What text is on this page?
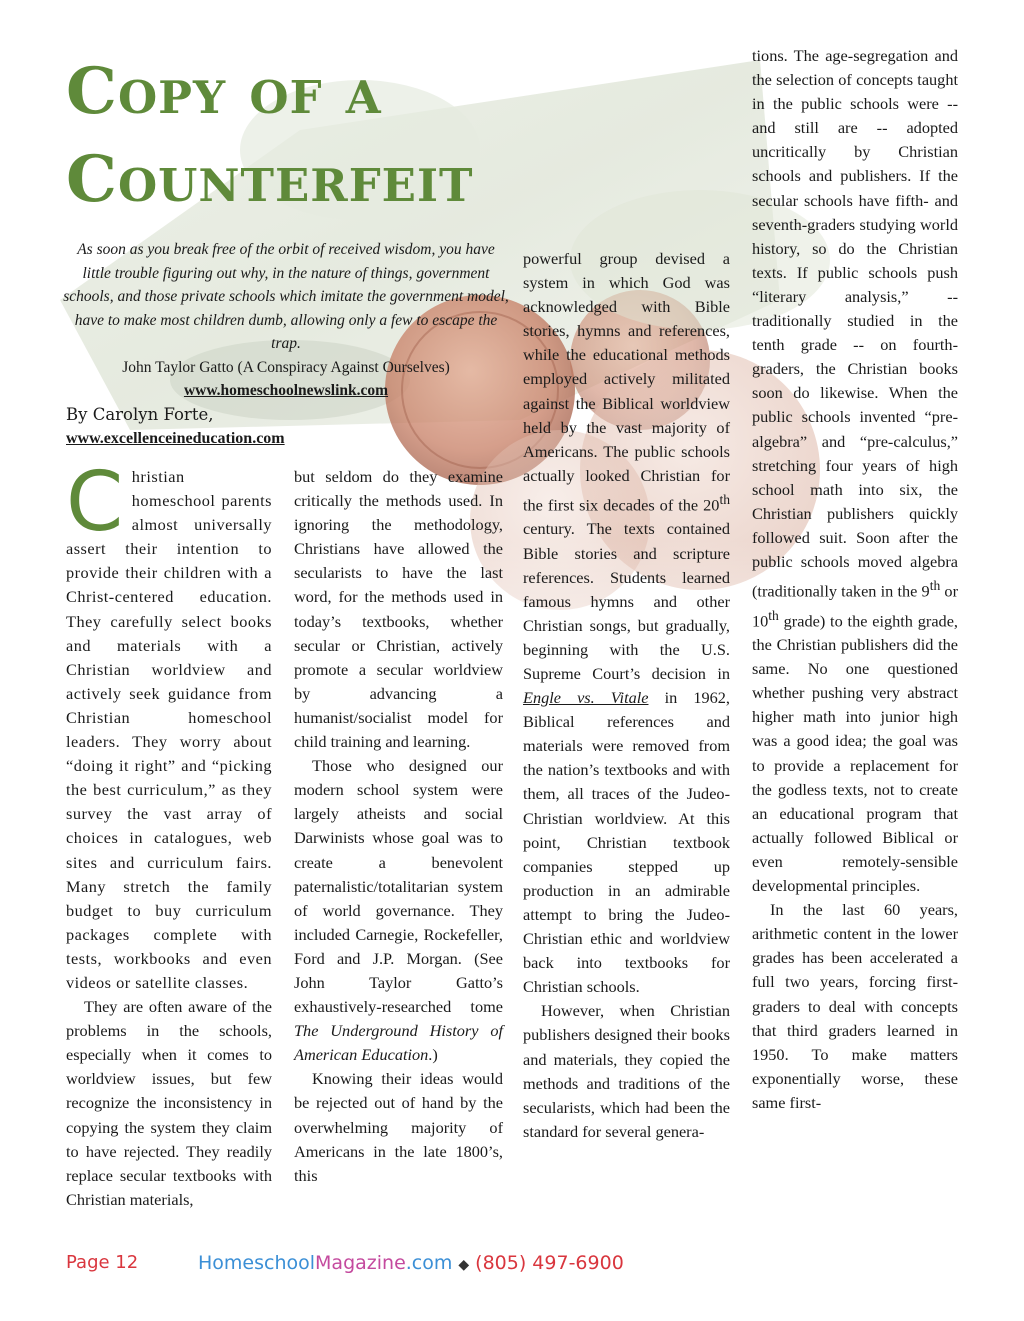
Copy of a
Counterfeit
As soon as you break free of the orbit of received wisdom, you have little trouble figuring out why, in the nature of things, government schools, and those private schools which imitate the government model, have to make most children dumb, allowing only a few to escape the trap.
John Taylor Gatto (A Conspiracy Against Ourselves)
www.homeschoolnewslink.com
By Carolyn Forte,
www.excellenceineducation.com

Christian homeschool parents almost universally assert their intention to provide their children with a Christ-centered education. They carefully select books and materials with a Christian worldview and actively seek guidance from Christian homeschool leaders. They worry about “doing it right” and “picking the best curriculum,” as they survey the vast array of choices in catalogues, web sites and curriculum fairs. Many stretch the family budget to buy curriculum packages complete with tests, workbooks and even videos or satellite classes.

They are often aware of the problems in the schools, especially when it comes to worldview issues, but few recognize the inconsistency in copying the system they claim to have rejected. They readily replace secular textbooks with Christian materials,

but seldom do they examine critically the methods used. In ignoring the methodology, Christians have allowed the secularists to have the last word, for the methods used in today’s textbooks, whether secular or Christian, actively promote a secular worldview by advancing a humanist/socialist model for child training and learning.

Those who designed our modern school system were largely atheists and social Darwinists whose goal was to create a benevolent paternalistic/totalitarian system of world governance. They included Carnegie, Rockefeller, Ford and J.P. Morgan. (See John Taylor Gatto’s exhaustively-researched tome The Underground History of American Education.)

Knowing their ideas would be rejected out of hand by the overwhelming majority of Americans in the late 1800’s, this

powerful group devised a system in which God was acknowledged with Bible stories, hymns and references, while the educational methods employed actively militated against the Biblical worldview held by the vast majority of Americans. The public schools actually looked Christian for the first six decades of the 20th century. The texts contained Bible stories and scripture references. Students learned famous hymns and other Christian songs, but gradually, beginning with the U.S. Supreme Court’s decision in Engle vs. Vitale in 1962, Biblical references and materials were removed from the nation’s textbooks and with them, all traces of the Judeo-Christian worldview. At this point, Christian textbook companies stepped up production in an admirable attempt to bring the Judeo-Christian ethic and worldview back into textbooks for Christian schools.

However, when Christian publishers designed their books and materials, they copied the methods and traditions of the secularists, which had been the standard for several genera-

tions. The age-segregation and the selection of concepts taught in the public schools were -- and still are -- adopted uncritically by Christian schools and publishers. If the secular schools have fifth- and seventh-graders studying world history, so do the Christian texts. If public schools push “literary analysis,” -- traditionally studied in the tenth grade -- on fourth-graders, the Christian books soon do likewise. When the public schools invented “pre-algebra” and “pre-calculus,” stretching four years of high school math into six, the Christian publishers quickly followed suit. Soon after the public schools moved algebra (traditionally taken in the 9th or 10th grade) to the eighth grade, the Christian publishers did the same. No one questioned whether pushing very abstract higher math into junior high was a good idea; the goal was to provide a replacement for the godless texts, not to create an educational program that actually followed Biblical or even remotely-sensible developmental principles.

In the last 60 years, arithmetic content in the lower grades has been accelerated a full two years, forcing first-graders to deal with concepts that third graders learned in 1950. To make matters exponentially worse, these same first-

Page 12	HomeschoolMagazine.com ◆ (805) 497-6900
